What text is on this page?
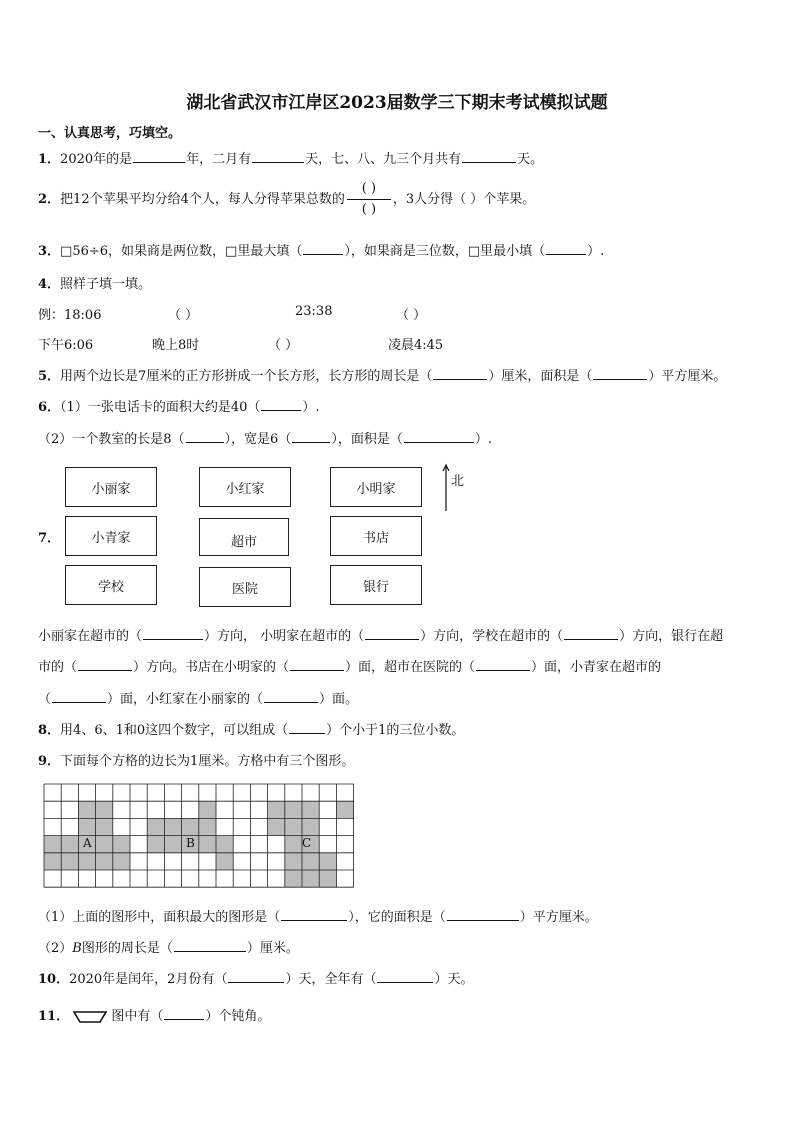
湖北省武汉市江岸区2023届数学三下期末考试模拟试题
一、认真思考，巧填空。
1．2020年的是	年，二月有	天，七、八、九三个月共有	天。
2．把12个苹果平均分给4个人，每人分得苹果总数的 $\frac{( )}{( )}$ ，3人分得（ ）个苹果。
3．□56÷6，如果商是两位数，□里最大填（	），如果商是三位数，□里最小填（	）.
4．照样子填一填。
例：18:06	（ ）	23:38	（ ）
下午6:06	晚上8时	（ ）	凌晨4:45
5．用两个边长是7厘米的正方形拼成一个长方形，长方形的周长是（	）厘米，面积是（	）平方厘米。
6．（1）一张电话卡的面积大约是40（	）.
（2）一个教室的长是8（	），宽是6（	），面积是（	）.
7．
小丽家	小红家	小明家
小青家	超市	书店
学校	医院	银行
北
小丽家在超市的（	）方向， 小明家在超市的（	）方向，学校在超市的（	）方向，银行在超
市的（	）方向。书店在小明家的（	）面，超市在医院的（	）面，小青家在超市的
（	）面，小红家在小丽家的（	）面。
8．用4、6、1和0这四个数字，可以组成（	）个小于1的三位小数。
9．下面每个方格的边长为1厘米。方格中有三个图形。
A	B	C
（1）上面的图形中，面积最大的图形是（	），它的面积是（	）平方厘米。
（2）B图形的周长是（	）厘米。
10．2020年是闰年，2月份有（	）天，全年有（	）天。
11．	图中有（	）个钝角。
